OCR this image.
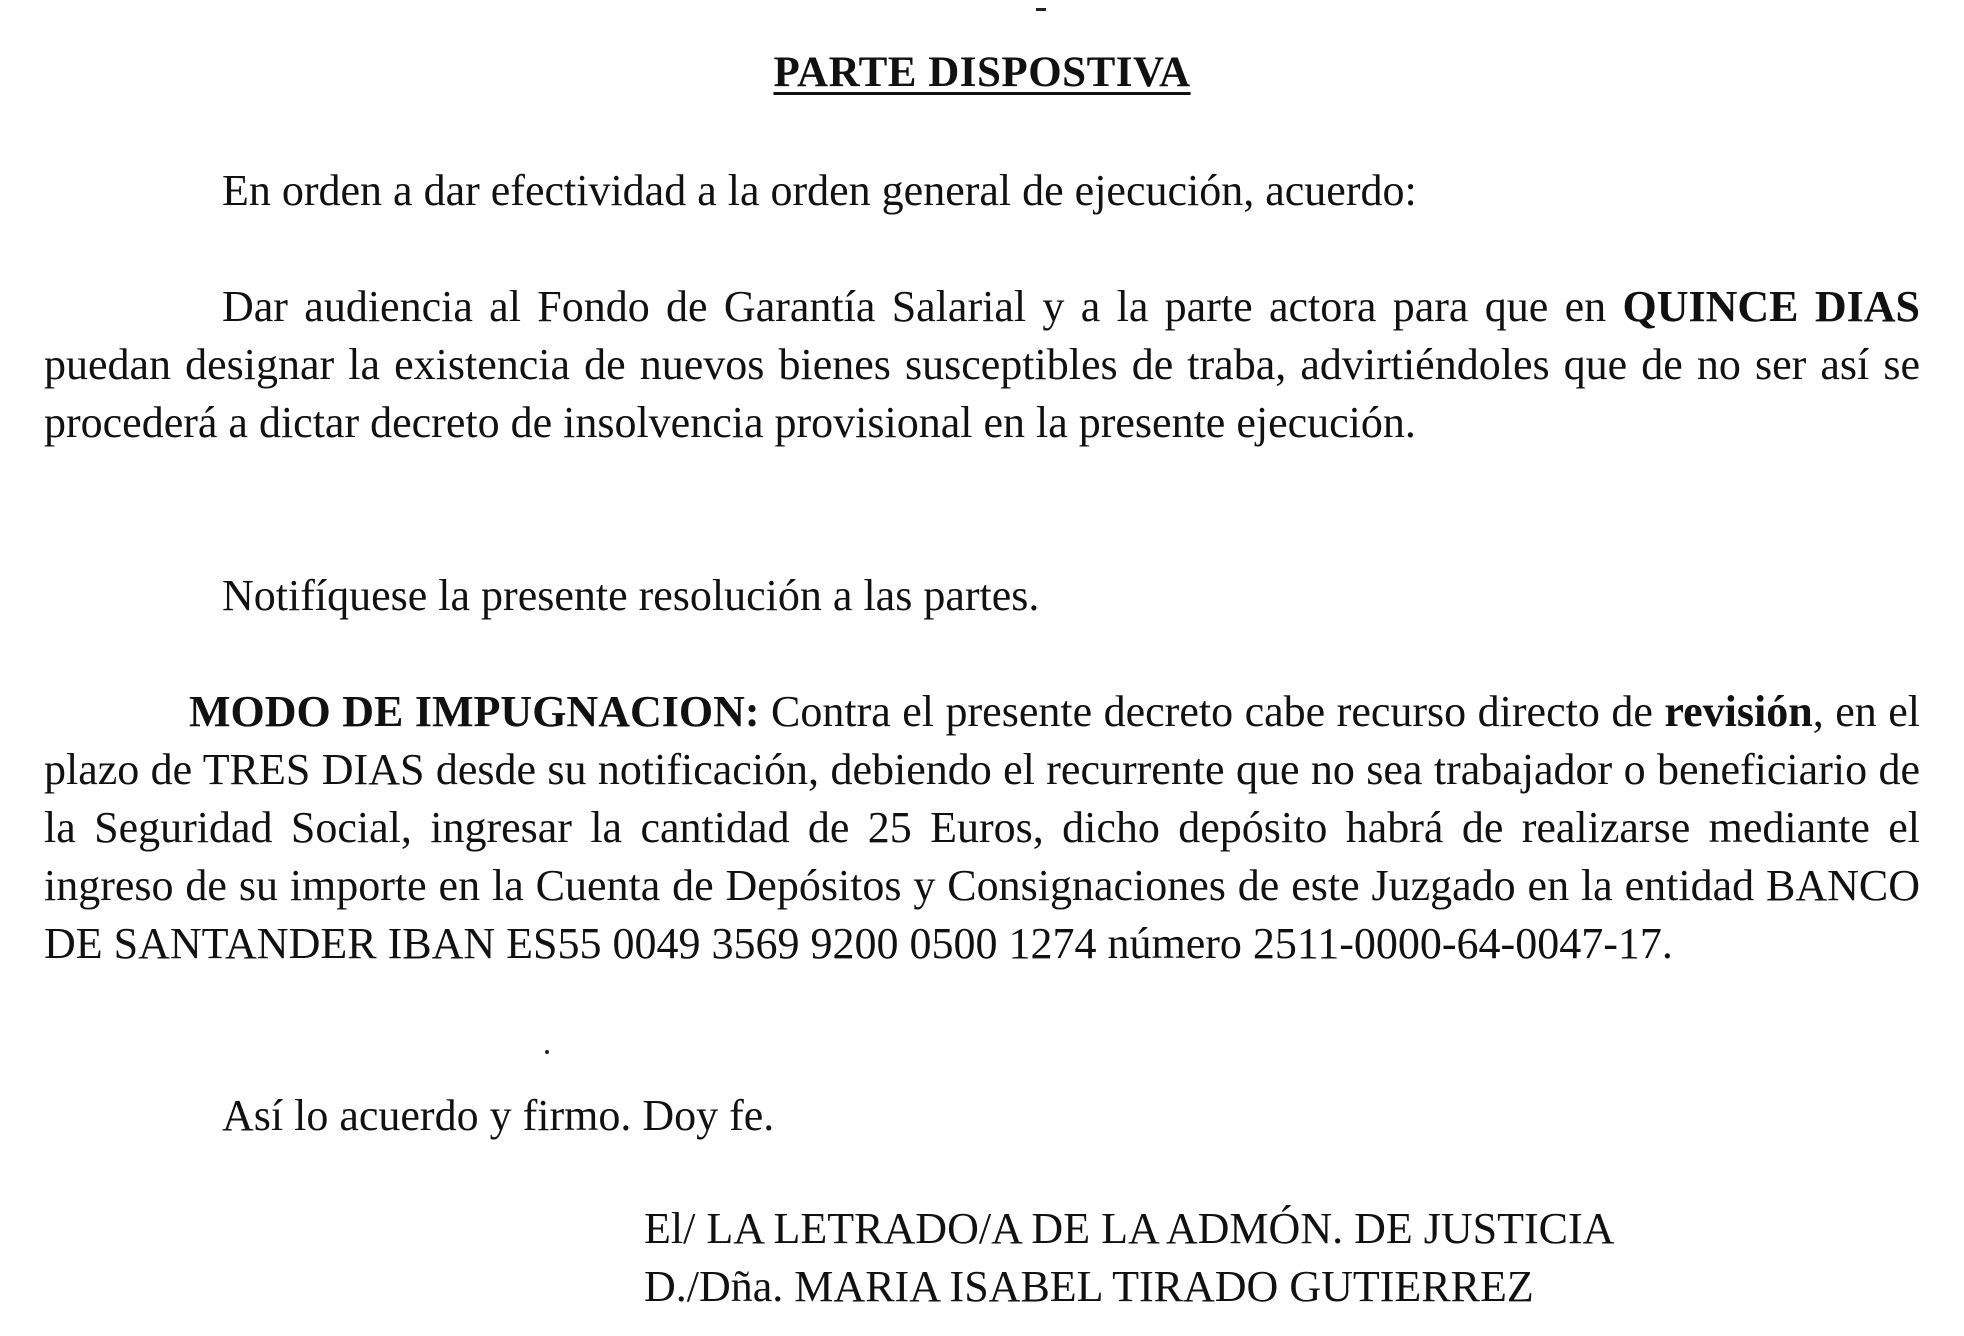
PARTE DISPOSTIVA
En orden a dar efectividad a la orden general de ejecución, acuerdo:
Dar audiencia al Fondo de Garantía Salarial y a la parte actora para que en QUINCE DIAS puedan designar la existencia de nuevos bienes susceptibles de traba, advirtiéndoles que de no ser así se procederá a dictar decreto de insolvencia provisional en la presente ejecución.
Notifíquese la presente resolución a las partes.
MODO DE IMPUGNACION: Contra el presente decreto cabe recurso directo de revisión, en el plazo de TRES DIAS desde su notificación, debiendo el recurrente que no sea trabajador o beneficiario de la Seguridad Social, ingresar la cantidad de 25 Euros, dicho depósito habrá de realizarse mediante el ingreso de su importe en la Cuenta de Depósitos y Consignaciones de este Juzgado en la entidad BANCO DE SANTANDER IBAN ES55 0049 3569 9200 0500 1274 número 2511-0000-64-0047-17.
Así lo acuerdo y firmo. Doy fe.
El/ LA LETRADO/A DE LA ADMÓN. DE JUSTICIA
D./Dña. MARIA ISABEL TIRADO GUTIERREZ
